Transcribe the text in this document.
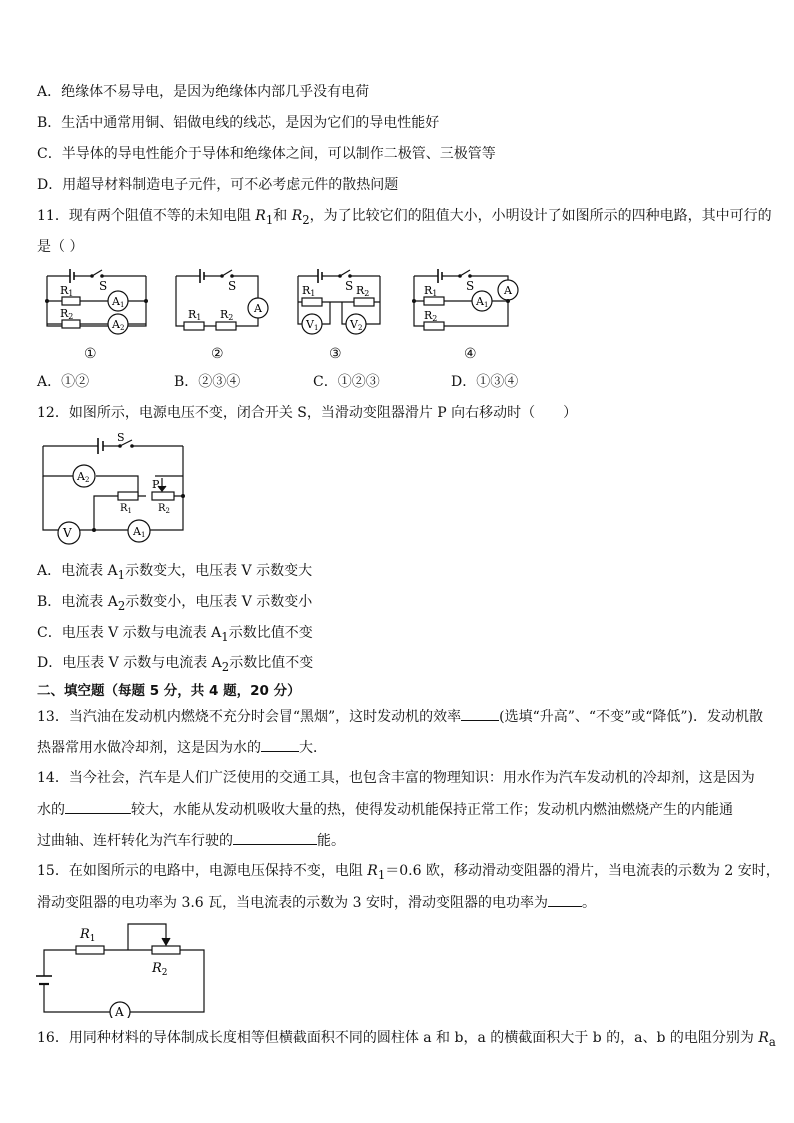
A．绝缘体不易导电，是因为绝缘体内部几乎没有电荷
B．生活中通常用铜、铝做电线的线芯，是因为它们的导电性能好
C．半导体的导电性能介于导体和绝缘体之间，可以制作二极管、三极管等
D．用超导材料制造电子元件，可不必考虑元件的散热问题
11．现有两个阻值不等的未知电阻 $R_1$和 $R_2$，为了比较它们的阻值大小，小明设计了如图所示的四种电路，其中可行的
是（ ）
S
R1
R2
A1
A2
S
R1 R2
A
S
R1	R2
V1	V2
S
R1
R2
A1
A
①	②	③	④
A．①②	B．②③④	C．①②③	D．①③④
12．如图所示，电源电压不变，闭合开关 S，当滑动变阻器滑片 P 向右移动时（　　）
S
A2
V	A1
P
$R_1$	$R_2$
A．电流表 $A_1$示数变大，电压表 V 示数变大
B．电流表 $A_2$示数变小，电压表 V 示数变小
C．电压表 V 示数与电流表 $A_1$示数比值不变
D．电压表 V 示数与电流表 $A_2$示数比值不变
二、填空题（每题 5 分，共 4 题，20 分）
13．当汽油在发动机内燃烧不充分时会冒“黑烟”，这时发动机的效率	(选填“升高”、“不变”或“降低”)．发动机散
热器常用水做冷却剂，这是因为水的	大．
14．当今社会，汽车是人们广泛使用的交通工具，也包含丰富的物理知识：用水作为汽车发动机的冷却剂，这是因为
水的	较大，水能从发动机吸收大量的热，使得发动机能保持正常工作；发动机内燃油燃烧产生的内能通
过曲轴、连杆转化为汽车行驶的	能。
15．在如图所示的电路中，电源电压保持不变，电阻 $R_1=0.6$ 欧，移动滑动变阻器的滑片，当电流表的示数为 2 安时，
滑动变阻器的电功率为 3.6 瓦，当电流表的示数为 3 安时，滑动变阻器的电功率为 。
$R_1$
$R_2$
A
16．用同种材料的导体制成长度相等但横截面积不同的圆柱体 a 和 b，a 的横截面积大于 b 的，a、b 的电阻分别为 $R_a$
